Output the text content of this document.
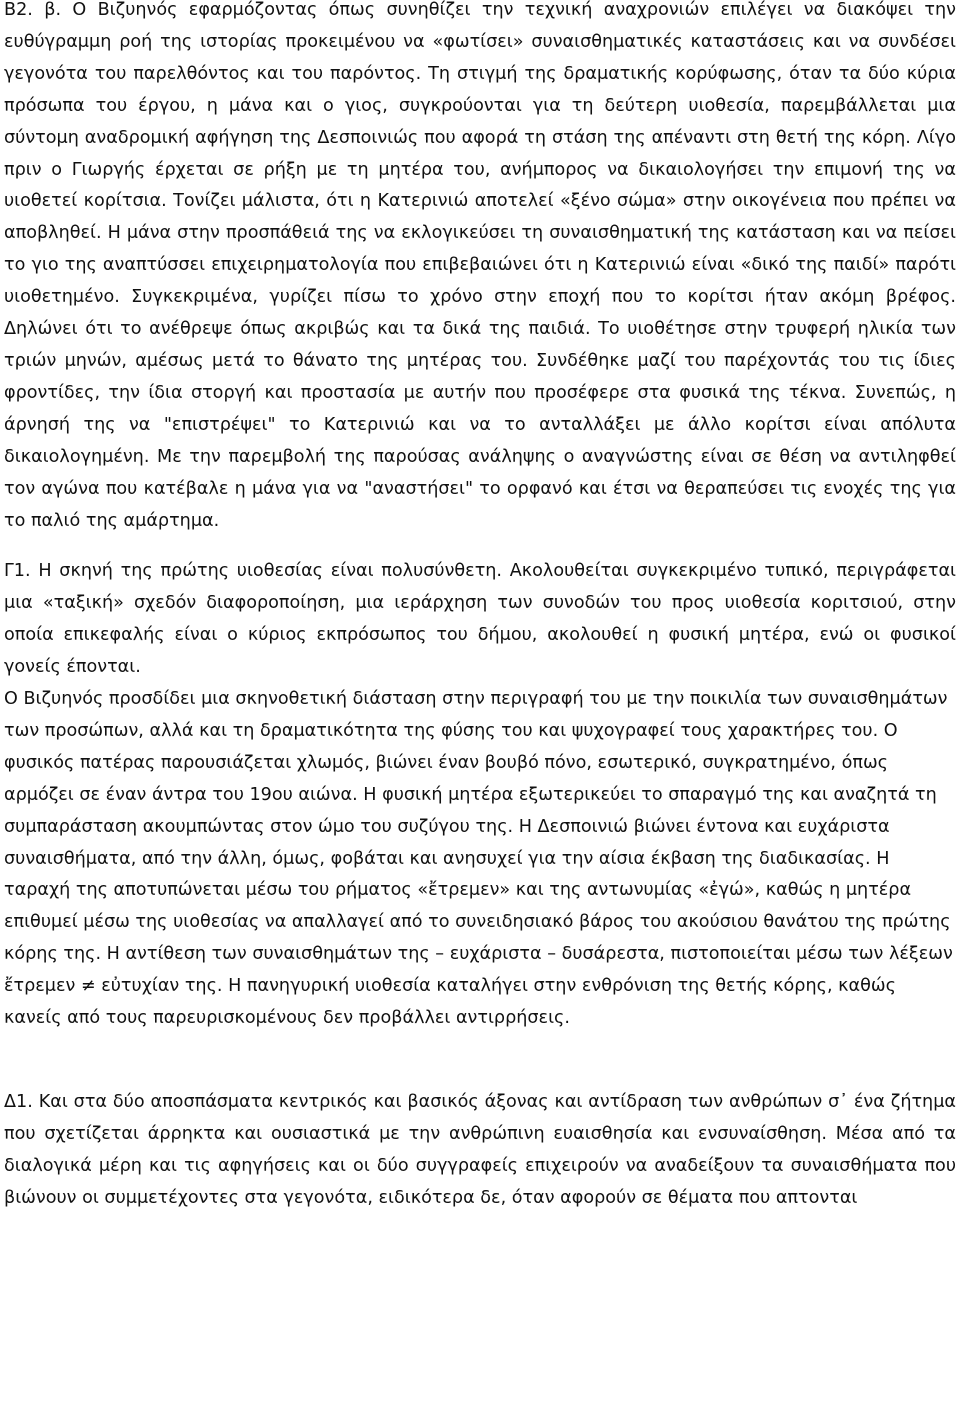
Β2. β. Ο Βιζυηνός εφαρμόζοντας όπως συνηθίζει την τεχνική αναχρονιών επιλέγει να διακόψει την ευθύγραμμη ροή της ιστορίας προκειμένου να «φωτίσει» συναισθηματικές καταστάσεις και να συνδέσει γεγονότα του παρελθόντος και του παρόντος. Τη στιγμή της δραματικής κορύφωσης, όταν τα δύο κύρια πρόσωπα του έργου, η μάνα και ο γιος, συγκρούονται για τη δεύτερη υιοθεσία, παρεμβάλλεται μια σύντομη αναδρομική αφήγηση της Δεσποινιώς που αφορά τη στάση της απέναντι στη θετή της κόρη. Λίγο πριν ο Γιωργής έρχεται σε ρήξη με τη μητέρα του, ανήμπορος να δικαιολογήσει την επιμονή της να υιοθετεί κορίτσια. Τονίζει μάλιστα, ότι η Κατερινιώ αποτελεί «ξένο σώμα» στην οικογένεια που πρέπει να αποβληθεί. Η μάνα στην προσπάθειά της να εκλογικεύσει τη συναισθηματική της κατάσταση και να πείσει το γιο της αναπτύσσει επιχειρηματολογία που επιβεβαιώνει ότι η Κατερινιώ είναι «δικό της παιδί» παρότι υιοθετημένο. Συγκεκριμένα, γυρίζει πίσω το χρόνο στην εποχή που το κορίτσι ήταν ακόμη βρέφος. Δηλώνει ότι το ανέθρεψε όπως ακριβώς και τα δικά της παιδιά. Το υιοθέτησε στην τρυφερή ηλικία των τριών μηνών, αμέσως μετά το θάνατο της μητέρας του. Συνδέθηκε μαζί του παρέχοντάς του τις ίδιες φροντίδες, την ίδια στοργή και προστασία με αυτήν που προσέφερε στα φυσικά της τέκνα. Συνεπώς, η άρνησή της να "επιστρέψει" το Κατερινιώ και να το ανταλλάξει με άλλο κορίτσι είναι απόλυτα δικαιολογημένη. Με την παρεμβολή της παρούσας ανάληψης ο αναγνώστης είναι σε θέση να αντιληφθεί τον αγώνα που κατέβαλε η μάνα για να "αναστήσει" το ορφανό και έτσι να θεραπεύσει τις ενοχές της για το παλιό της αμάρτημα.

Γ1. Η σκηνή της πρώτης υιοθεσίας είναι πολυσύνθετη. Ακολουθείται συγκεκριμένο τυπικό, περιγράφεται μια «ταξική» σχεδόν διαφοροποίηση, μια ιεράρχηση των συνοδών του προς υιοθεσία κοριτσιού, στην οποία επικεφαλής είναι ο κύριος εκπρόσωπος του δήμου, ακολουθεί η φυσική μητέρα, ενώ οι φυσικοί γονείς έπονται.

Ο Βιζυηνός προσδίδει μια σκηνοθετική διάσταση στην περιγραφή του με την ποικιλία των συναισθημάτων των προσώπων, αλλά και τη δραματικότητα της φύσης του και ψυχογραφεί τους χαρακτήρες του. Ο φυσικός πατέρας παρουσιάζεται χλωμός, βιώνει έναν βουβό πόνο, εσωτερικό, συγκρατημένο, όπως αρμόζει σε έναν άντρα του 19ου αιώνα. Η φυσική μητέρα εξωτερικεύει το σπαραγμό της και αναζητά τη συμπαράσταση ακουμπώντας στον ώμο του συζύγου της. Η Δεσποινιώ βιώνει έντονα και ευχάριστα συναισθήματα, από την άλλη, όμως, φοβάται και ανησυχεί για την αίσια έκβαση της διαδικασίας. Η ταραχή της αποτυπώνεται μέσω του ρήματος «ἔτρεμεν» και της αντωνυμίας «ἐγώ», καθώς η μητέρα επιθυμεί μέσω της υιοθεσίας να απαλλαγεί από το συνειδησιακό βάρος του ακούσιου θανάτου της πρώτης κόρης της. Η αντίθεση των συναισθημάτων της – ευχάριστα – δυσάρεστα, πιστοποιείται μέσω των λέξεων ἔτρεμεν ≠ εὐτυχίαν της. Η πανηγυρική υιοθεσία καταλήγει στην ενθρόνιση της θετής κόρης, καθώς κανείς από τους παρευρισκομένους δεν προβάλλει αντιρρήσεις.

Δ1. Και στα δύο αποσπάσματα κεντρικός και βασικός άξονας και αντίδραση των ανθρώπων σ᾽ ένα ζήτημα που σχετίζεται άρρηκτα και ουσιαστικά με την ανθρώπινη ευαισθησία και ενσυναίσθηση. Μέσα από τα διαλογικά μέρη και τις αφηγήσεις και οι δύο συγγραφείς επιχειρούν να αναδείξουν τα συναισθήματα που βιώνουν οι συμμετέχοντες στα γεγονότα, ειδικότερα δε, όταν αφορούν σε θέματα που απτονται
